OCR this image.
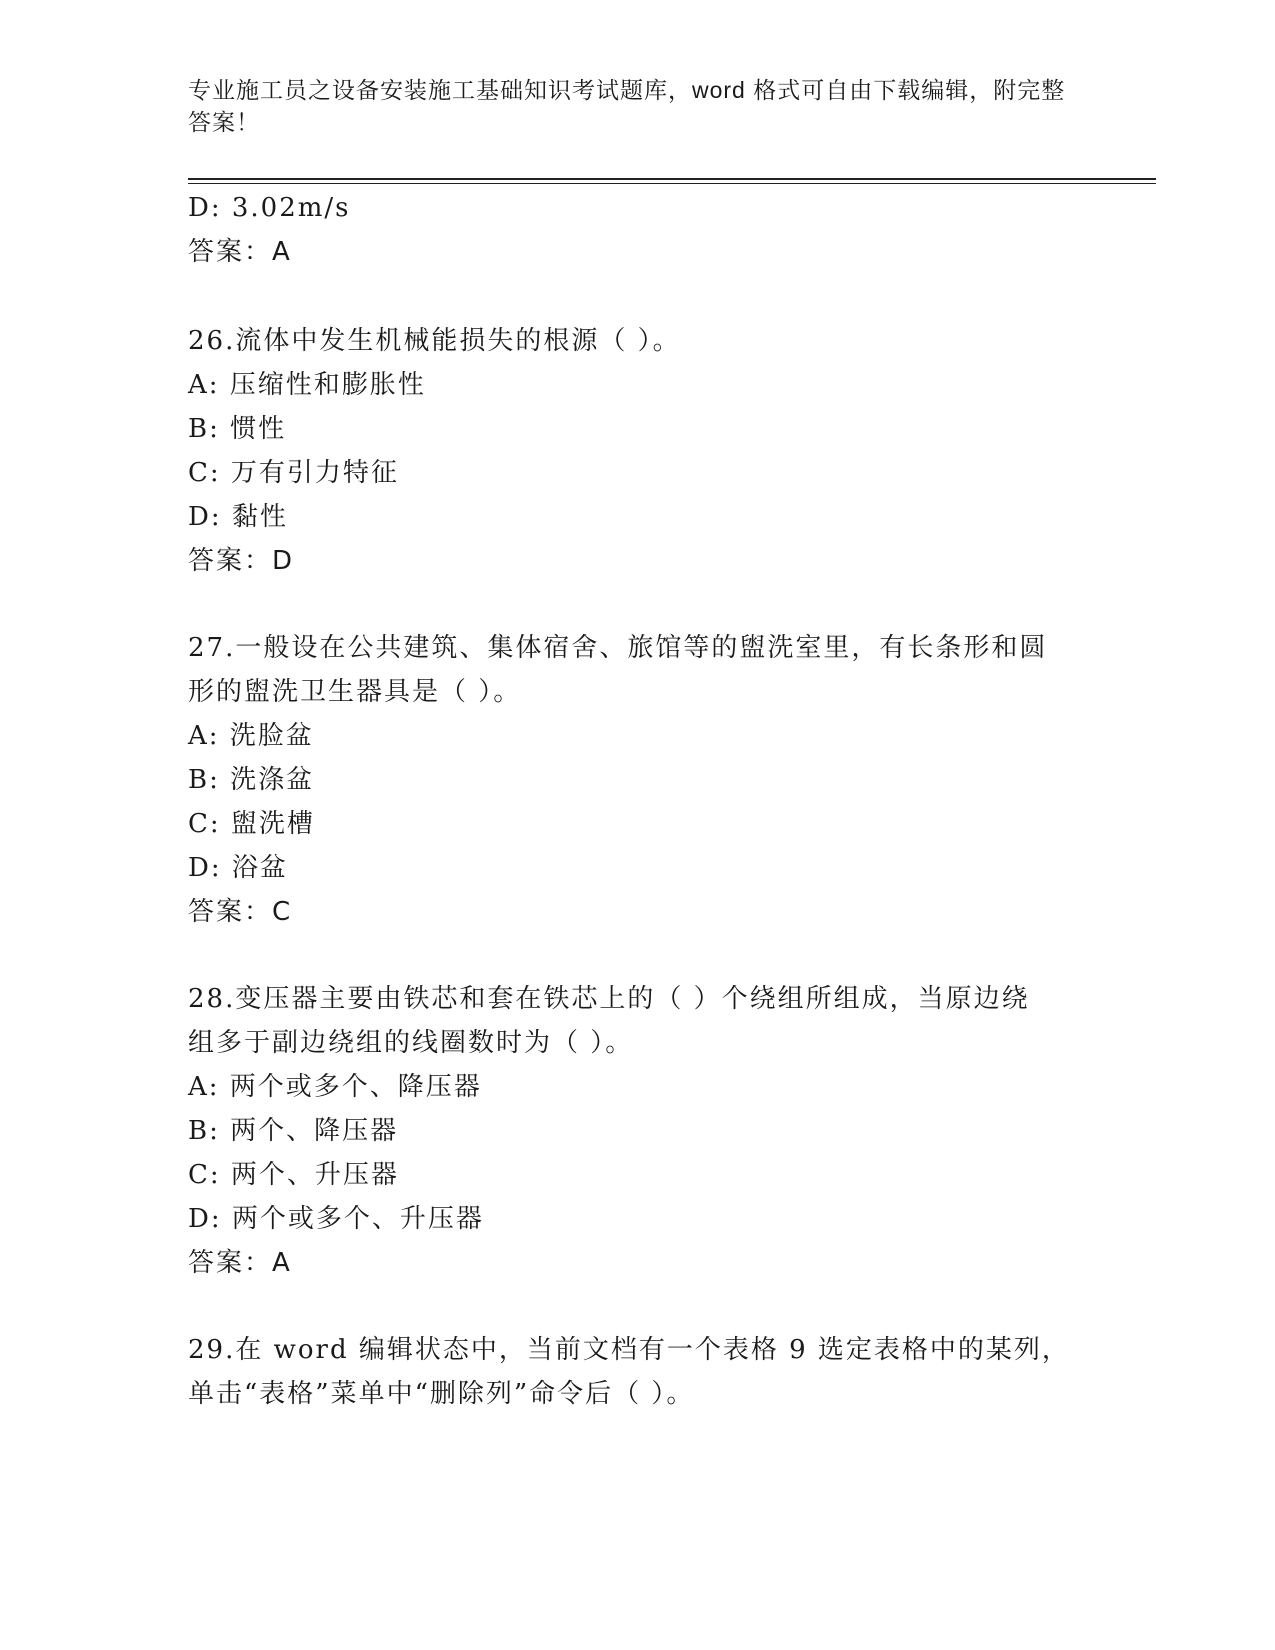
专业施工员之设备安装施工基础知识考试题库，word 格式可自由下载编辑，附完整答案！
D: 3.02m/s
答案：A
26.流体中发生机械能损失的根源（ ）。
A: 压缩性和膨胀性
B: 惯性
C: 万有引力特征
D: 黏性
答案：D
27.一般设在公共建筑、集体宿舍、旅馆等的盥洗室里，有长条形和圆
形的盥洗卫生器具是（ ）。
A: 洗脸盆
B: 洗涤盆
C: 盥洗槽
D: 浴盆
答案：C
28.变压器主要由铁芯和套在铁芯上的（ ）个绕组所组成，当原边绕
组多于副边绕组的线圈数时为（ ）。
A: 两个或多个、降压器
B: 两个、降压器
C: 两个、升压器
D: 两个或多个、升压器
答案：A
29.在 word 编辑状态中，当前文档有一个表格 9 选定表格中的某列，
单击“表格”菜单中“删除列”命令后（ ）。
